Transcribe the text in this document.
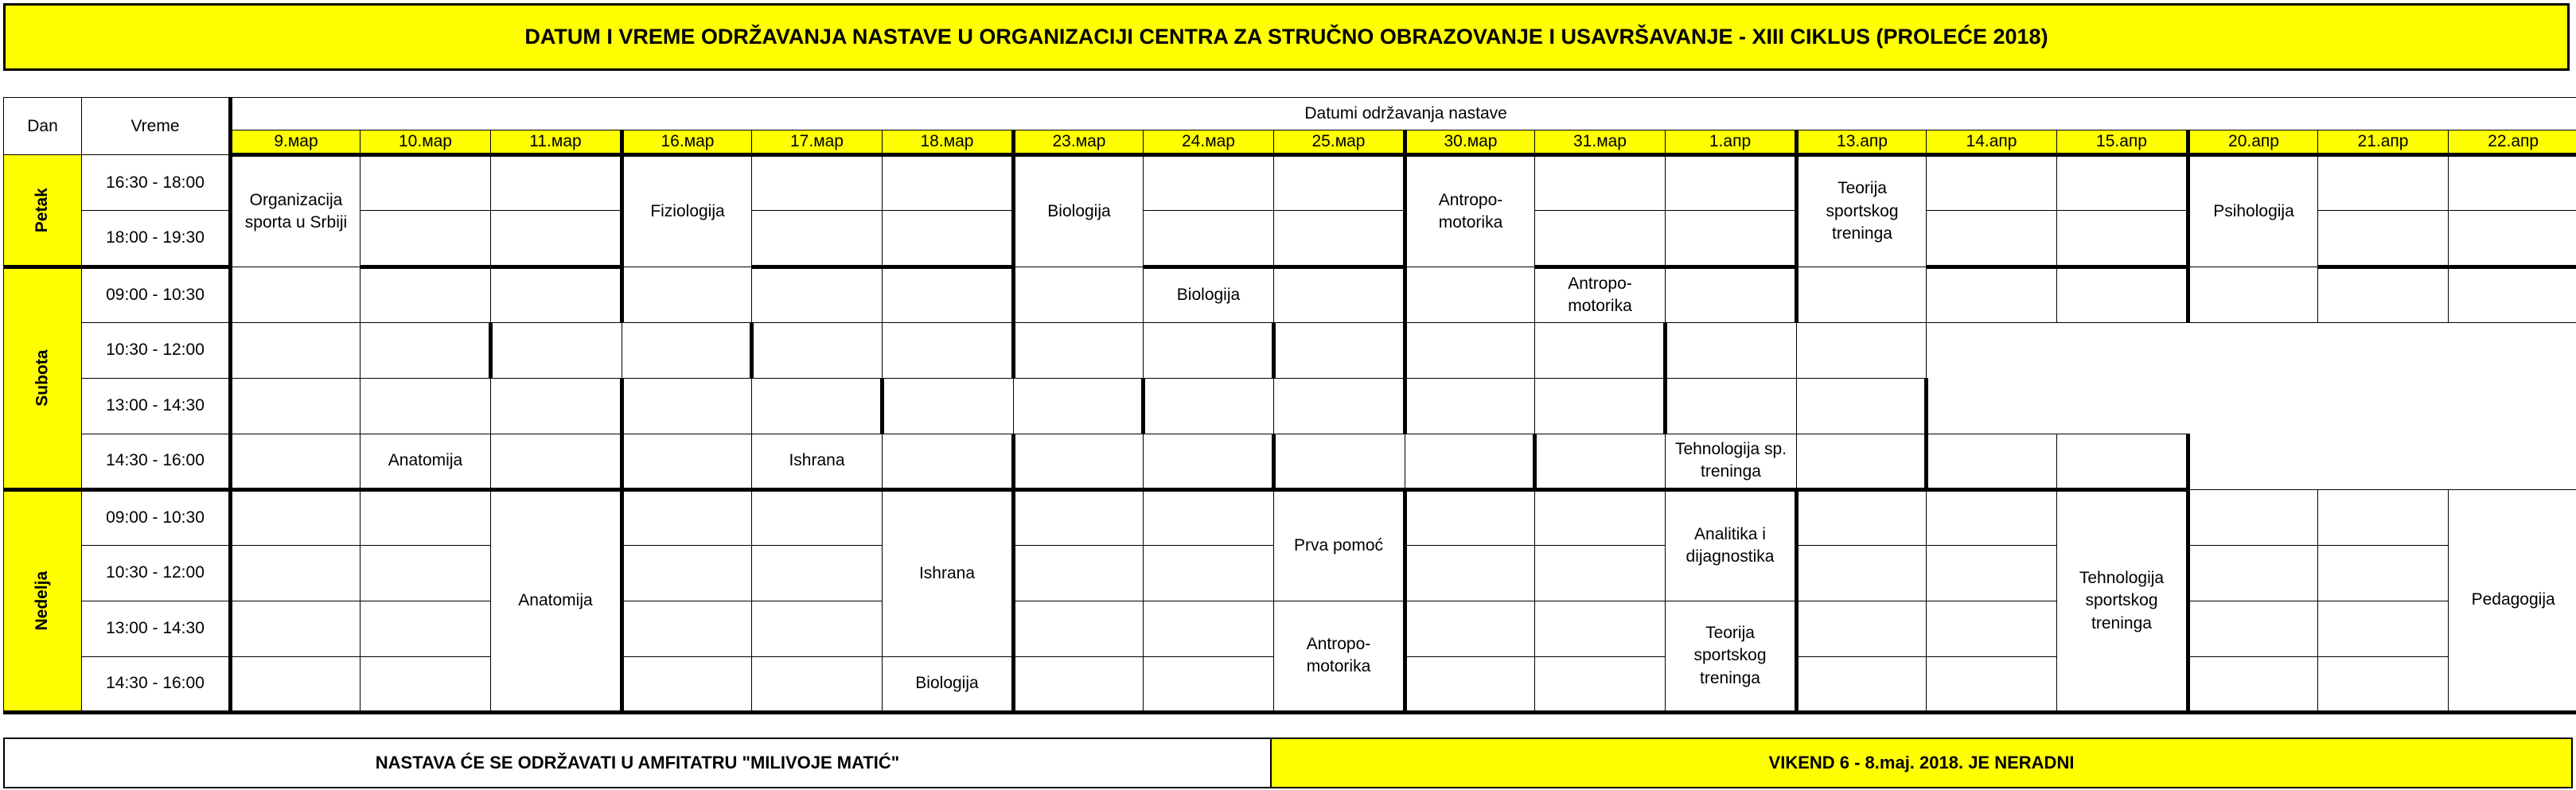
DATUM I VREME ODRŽAVANJA NASTAVE U ORGANIZACIJI CENTRA ZA STRUČNO OBRAZOVANJE I USAVRŠAVANJE - XIII CIKLUS (PROLEĆE 2018)
Dan	Vreme	Datumi održavanja nastave																	
		9.мар	10.мар	11.мар	16.мар	17.мар	18.мар	23.мар	24.мар	25.мар	30.мар	31.мар	1.апр	13.апр	14.апр	15.апр	20.апр	21.апр	22.апр
Petak	16:30 - 18:00	Organizacija sporta u Srbiji			Fiziologija			Biologija			Antropo-motorika			Teorija sportskog treninga			Psihologija		
	18:00 - 19:30																		
Subota	09:00 - 10:30								Biologija			Antropo-motorika							
	10:30 - 12:00																		
	13:00 - 14:30																		
	14:30 - 16:00		Anatomija			Ishrana							Tehnologija sp. treninga						
Nedelja	09:00 - 10:30			Anatomija			Ishrana			Prva pomoć			Analitika i dijagnostika			Tehnologija sportskog treninga			Pedagogija
	10:30 - 12:00																		
	13:00 - 14:30									Antropo-motorika			Teorija sportskog treninga						
	14:30 - 16:00						Biologija												
NASTAVA ĆE SE ODRŽAVATI U AMFITATRU "MILIVOJE MATIĆ"	VIKEND 6 - 8.maj. 2018. JE NERADNI
